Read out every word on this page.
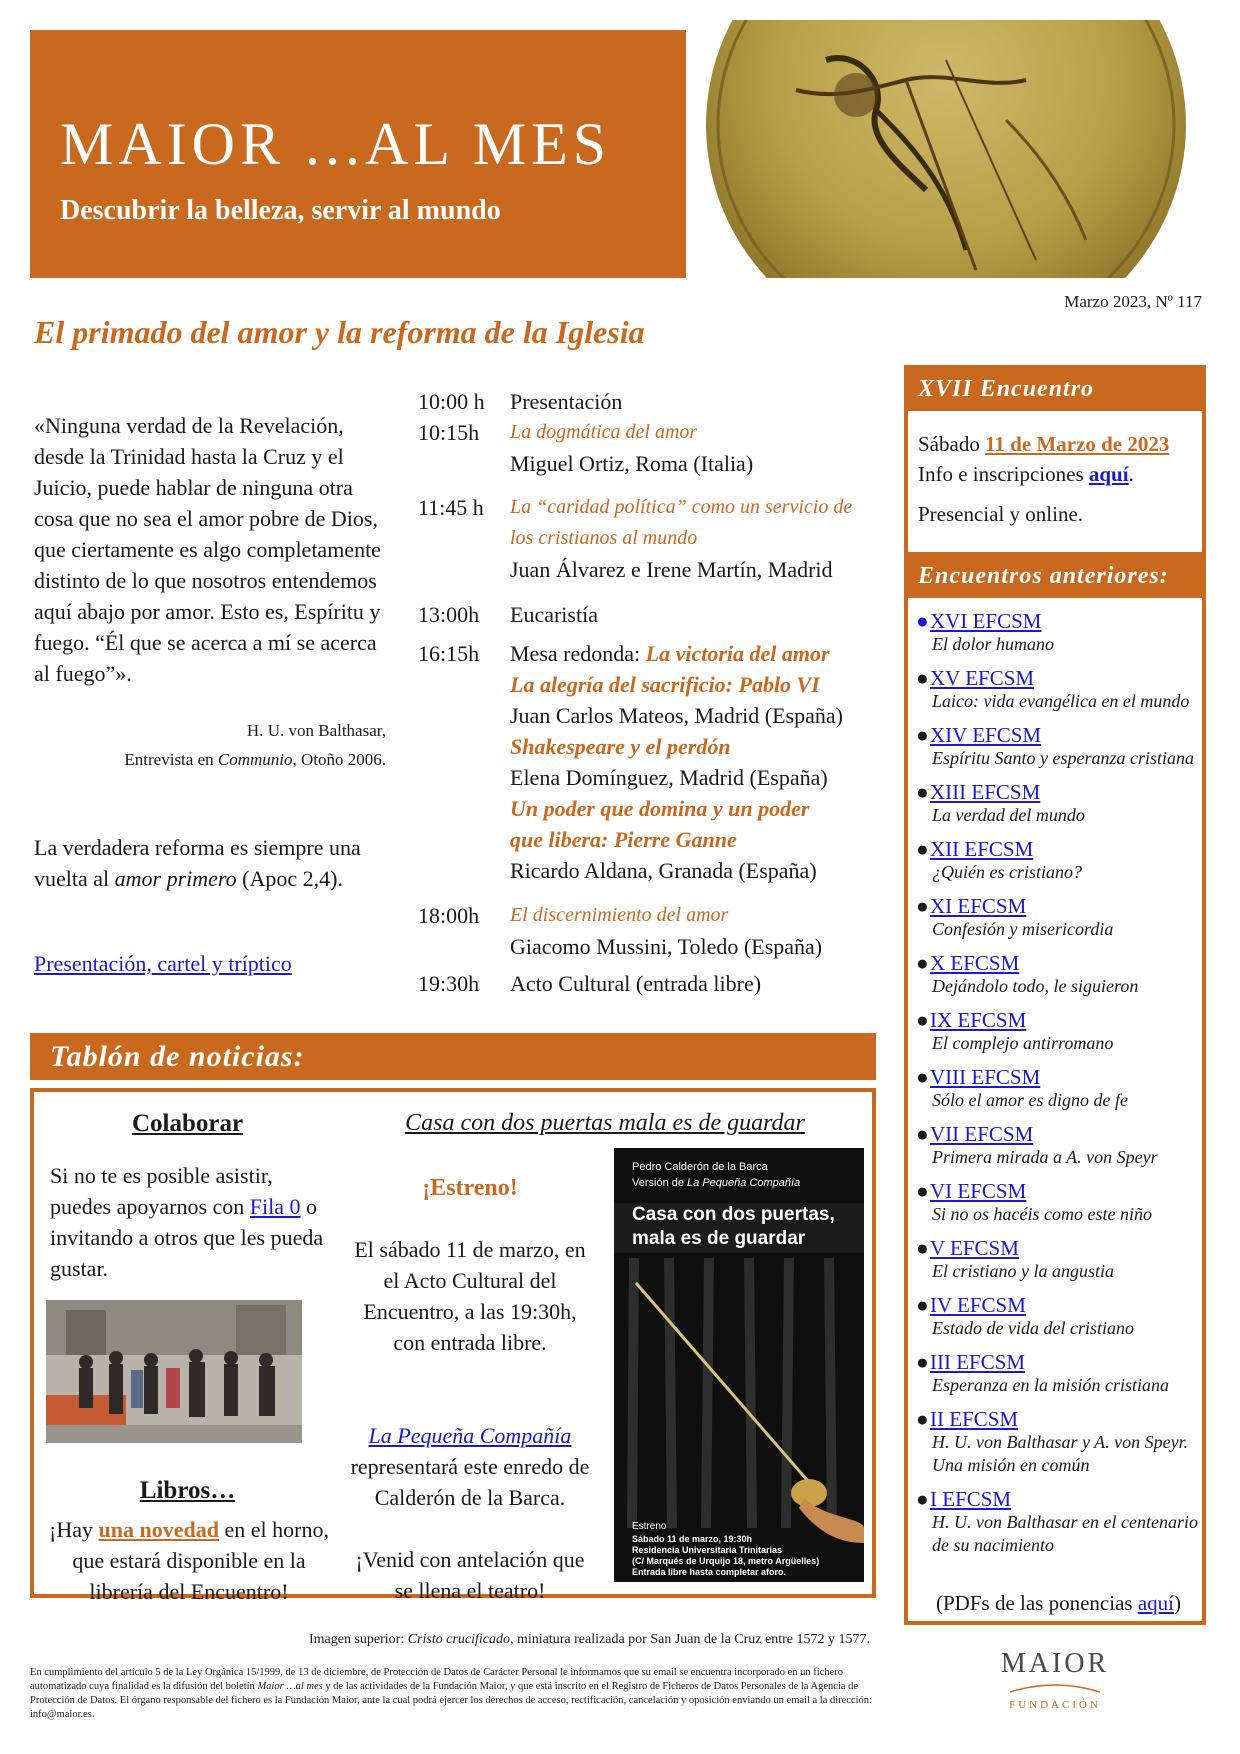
MAIOR ...AL MES
Descubrir la belleza, servir al mundo
Marzo 2023, Nº 117
El primado del amor y la reforma de la Iglesia
«Ninguna verdad de la Revelación, desde la Trinidad hasta la Cruz y el Juicio, puede hablar de ninguna otra cosa que no sea el amor pobre de Dios, que ciertamente es algo completamente distinto de lo que nosotros entendemos aquí abajo por amor. Esto es, Espíritu y fuego. “Él que se acerca a mí se acerca al fuego”».
H. U. von Balthasar,
Entrevista en Communio, Otoño 2006.
La verdadera reforma es siempre una vuelta al amor primero (Apoc 2,4).
Presentación, cartel y tríptico
10:00 h	Presentación
10:15h	La dogmática del amor
Miguel Ortiz, Roma (Italia)
11:45 h	La “caridad política” como un servicio de
los cristianos al mundo
Juan Álvarez e Irene Martín, Madrid
13:00h	Eucaristía
16:15h	Mesa redonda: La victoria del amor
La alegría del sacrificio: Pablo VI
Juan Carlos Mateos, Madrid (España)
Shakespeare y el perdón
Elena Domínguez, Madrid (España)
Un poder que domina y un poder
que libera: Pierre Ganne
Ricardo Aldana, Granada (España)
18:00h	El discernimiento del amor
Giacomo Mussini, Toledo (España)
19:30h	Acto Cultural (entrada libre)
XVII Encuentro
Sábado 11 de Marzo de 2023
Info e inscripciones aquí.
Presencial y online.
Encuentros anteriores:
●XVI EFCSM
El dolor humano
●XV EFCSM
Laico: vida evangélica en el mundo
●XIV EFCSM
Espíritu Santo y esperanza cristiana
●XIII EFCSM
La verdad del mundo
●XII EFCSM
¿Quién es cristiano?
●XI EFCSM
Confesión y misericordia
●X EFCSM
Dejándolo todo, le siguieron
●IX EFCSM
El complejo antirromano
●VIII EFCSM
Sólo el amor es digno de fe
●VII EFCSM
Primera mirada a A. von Speyr
●VI EFCSM
Si no os hacéis como este niño
●V EFCSM
El cristiano y la angustia
●IV EFCSM
Estado de vida del cristiano
●III EFCSM
Esperanza en la misión cristiana
●II EFCSM
H. U. von Balthasar y A. von Speyr. Una misión en común
●I EFCSM
H. U. von Balthasar en el centenario de su nacimiento
(PDFs de las ponencias aquí)
Tablón de noticias:
Colaborar
Si no te es posible asistir, puedes apoyarnos con Fila 0 o invitando a otros que les pueda gustar.
Libros…
¡Hay una novedad en el horno, que estará disponible en la librería del Encuentro!
Casa con dos puertas mala es de guardar
¡Estreno!
El sábado 11 de marzo, en el Acto Cultural del Encuentro, a las 19:30h, con entrada libre.
La Pequeña Compañía representará este enredo de Calderón de la Barca.
¡Venid con antelación que se llena el teatro!
Pedro Calderón de la Barca
Versión de La Pequeña Compañía
Casa con dos puertas,
mala es de guardar
Estreno
Sábado 11 de marzo, 19:30h
Residencia Universitaria Trinitarias
(C/ Marqués de Urquijo 18, metro Argüelles)
Entrada libre hasta completar aforo.
Imagen superior: Cristo crucificado, miniatura realizada por San Juan de la Cruz entre 1572 y 1577.
En cumplimiento del artículo 5 de la Ley Orgánica 15/1999, de 13 de diciembre, de Protección de Datos de Carácter Personal le informamos que su email se encuentra incorporado en un fichero automatizado cuya finalidad es la difusión del boletín Maior …al mes y de las actividades de la Fundación Maior, y que está inscrito en el Registro de Ficheros de Datos Personales de la Agencia de Protección de Datos. El órgano responsable del fichero es la Fundación Maior, ante la cual podrá ejercer los derechos de acceso, rectificación, cancelación y oposición enviando un email a la dirección: info@maior.es.
MAIOR
FUNDACIÓN
